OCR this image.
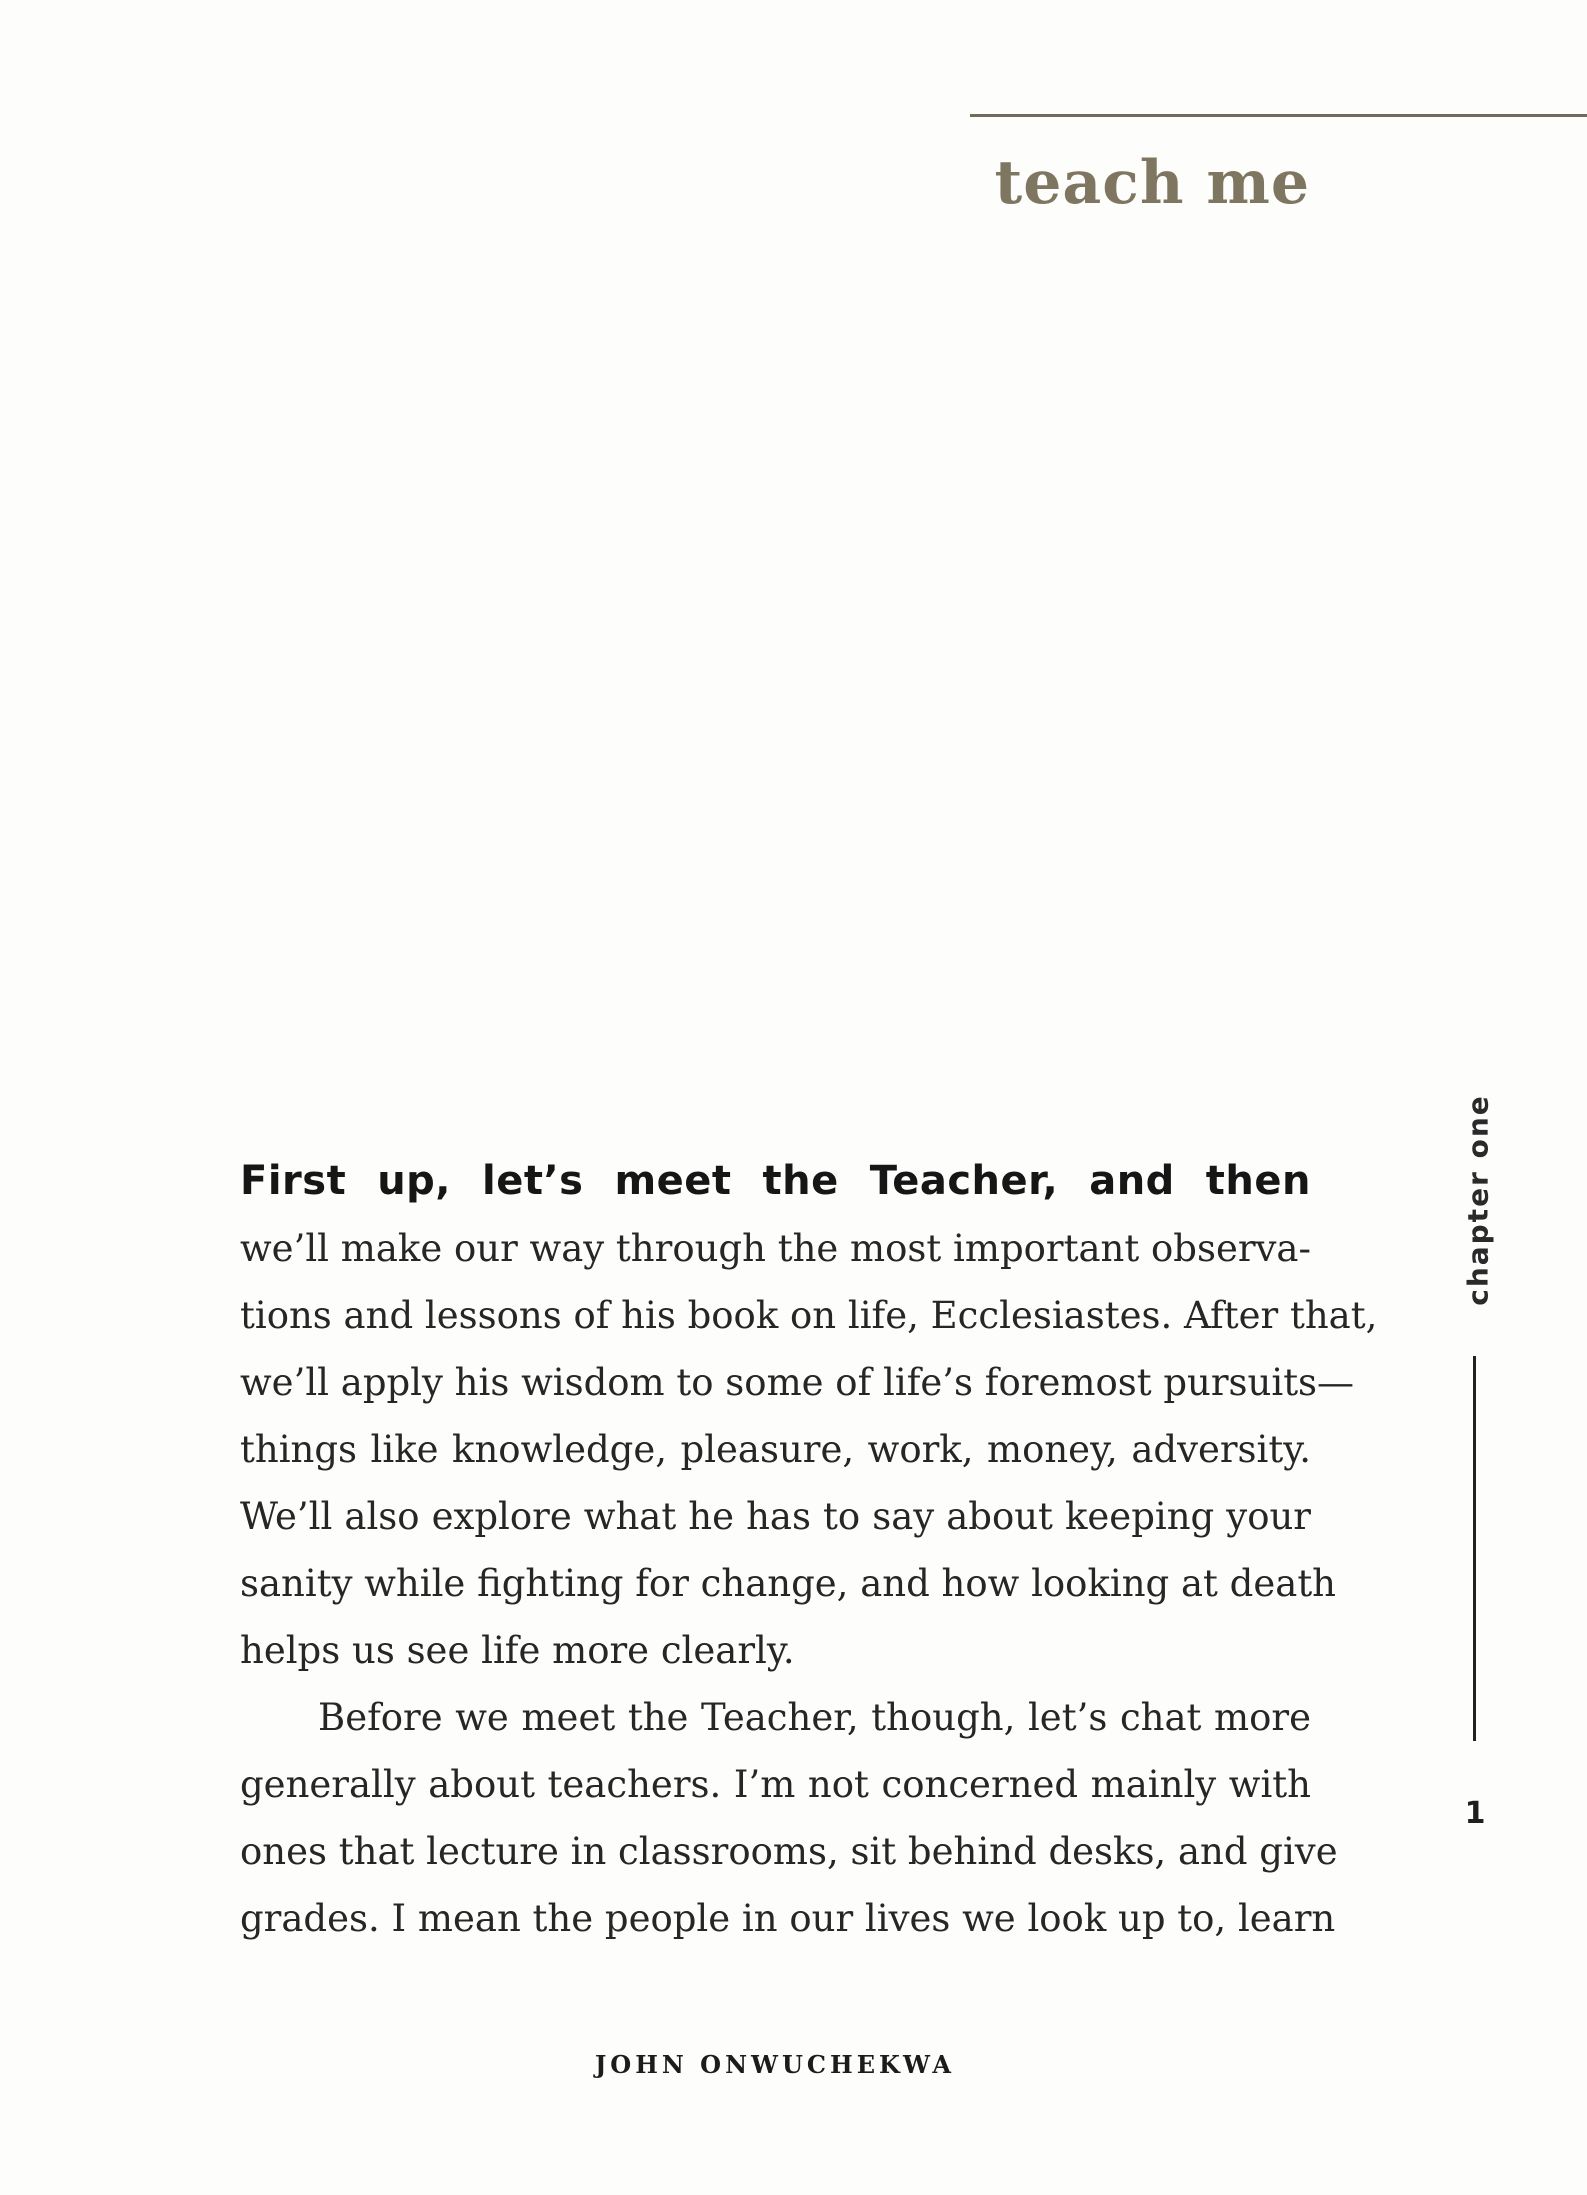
teach me
chapter one
1
First up, let’s meet the Teacher, and then
we’ll make our way through the most important observa-
tions and lessons of his book on life, Ecclesiastes. After that,
we’ll apply his wisdom to some of life’s foremost pursuits—
things like knowledge, pleasure, work, money, adversity.
We’ll also explore what he has to say about keeping your
sanity while fighting for change, and how looking at death
helps us see life more clearly.
Before we meet the Teacher, though, let’s chat more
generally about teachers. I’m not concerned mainly with
ones that lecture in classrooms, sit behind desks, and give
grades. I mean the people in our lives we look up to, learn
JOHN ONWUCHEKWA
